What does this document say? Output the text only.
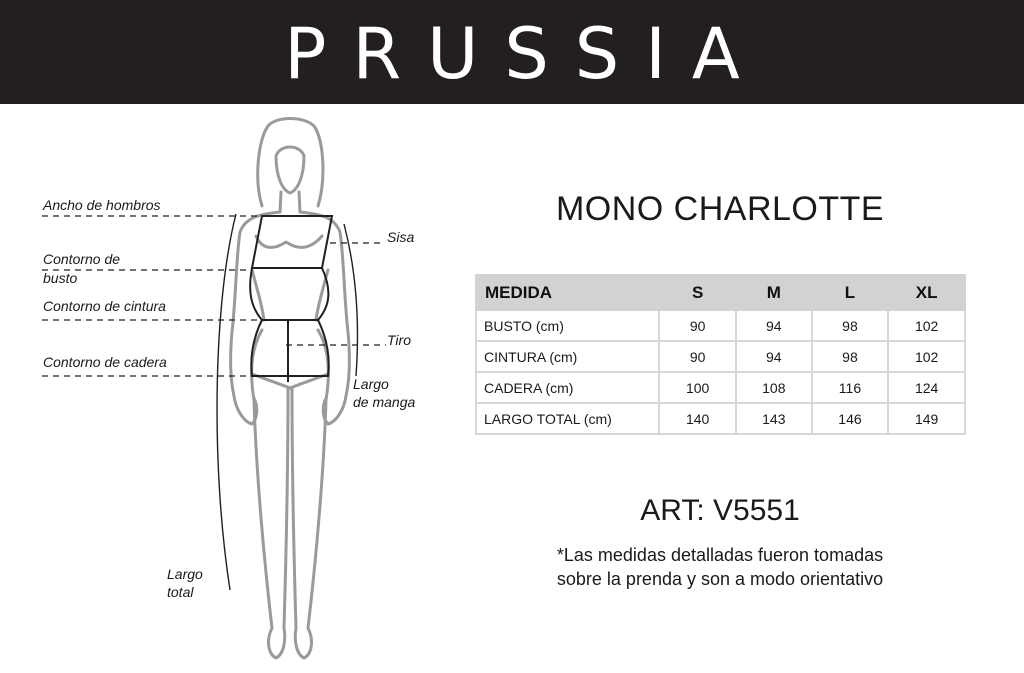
PRUSSIA
Ancho de hombros
Contorno de
busto
Contorno de cintura
Contorno de cadera
Sisa
Tiro
Largo
de manga
Largo
total
MONO CHARLOTTE
MEDIDA	S	M	L	XL
BUSTO (cm)	90	94	98	102
CINTURA (cm)	90	94	98	102
CADERA (cm)	100	108	116	124
LARGO TOTAL (cm)	140	143	146	149
ART: V5551
*Las medidas detalladas fueron tomadas
sobre la prenda y son a modo orientativo
